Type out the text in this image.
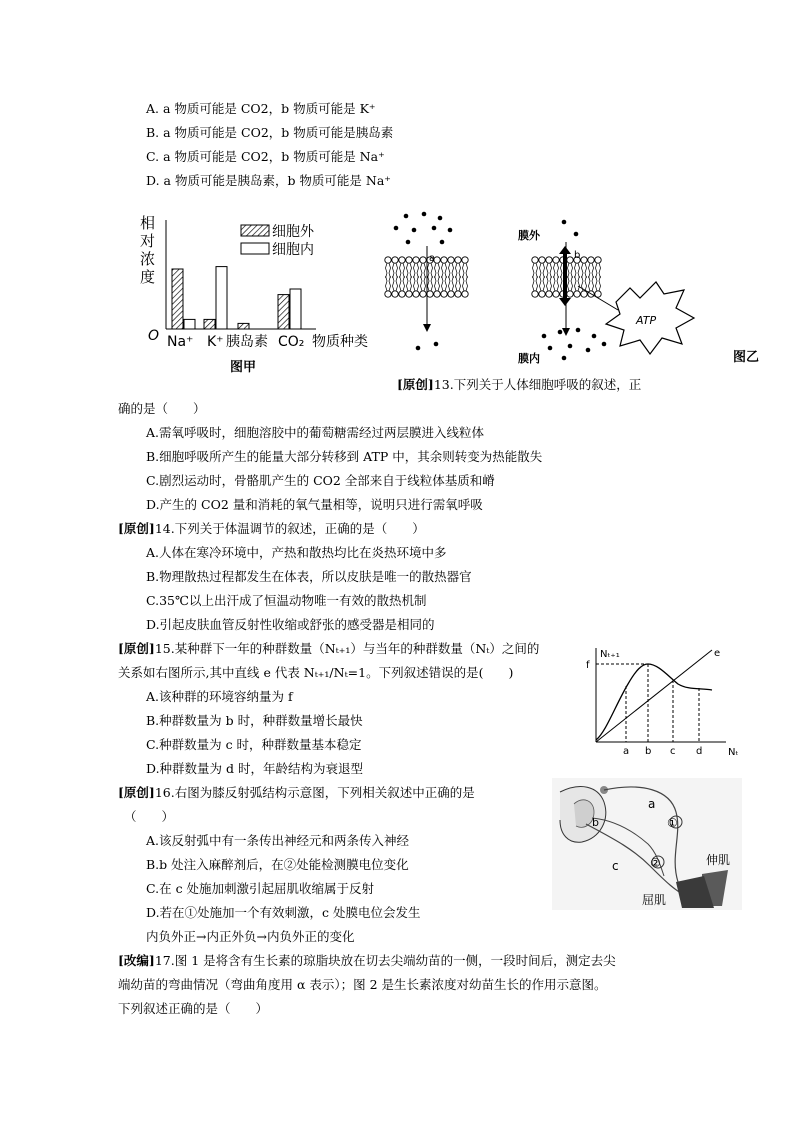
A. a 物质可能是 CO2，b 物质可能是 K⁺
B. a 物质可能是 CO2，b 物质可能是胰岛素
C. a 物质可能是 CO2，b 物质可能是 Na⁺
D. a 物质可能是胰岛素，b 物质可能是 Na⁺
相
对
浓
度
O
细胞外
细胞内
Na⁺ K⁺ 胰岛素 CO₂ 物质种类
图甲
a	b
膜外
膜内
ATP
图乙
[原创]13.下列关于人体细胞呼吸的叙述，正
确的是（　　）
A.需氧呼吸时，细胞溶胶中的葡萄糖需经过两层膜进入线粒体
B.细胞呼吸所产生的能量大部分转移到 ATP 中，其余则转变为热能散失
C.剧烈运动时，骨骼肌产生的 CO2 全部来自于线粒体基质和嵴
D.产生的 CO2 量和消耗的氧气量相等，说明只进行需氧呼吸
[原创]14.下列关于体温调节的叙述，正确的是（　　）
A.人体在寒冷环境中，产热和散热均比在炎热环境中多
B.物理散热过程都发生在体表，所以皮肤是唯一的散热器官
C.35℃以上出汗成了恒温动物唯一有效的散热机制
D.引起皮肤血管反射性收缩或舒张的感受器是相同的
[原创]15.某种群下一年的种群数量（Nₜ₊₁）与当年的种群数量（Nₜ）之间的
关系如右图所示,其中直线 e 代表 Nₜ₊₁/Nₜ=1。下列叙述错误的是(　　)
A.该种群的环境容纳量为 f
B.种群数量为 b 时，种群数量增长最快
C.种群数量为 c 时，种群数量基本稳定
D.种群数量为 d 时，年龄结构为衰退型
Nₜ₊₁
Nₜ
f
e
a b c d
[原创]16.右图为膝反射弧结构示意图，下列相关叙述中正确的是
（　　）
A.该反射弧中有一条传出神经元和两条传入神经
B.b 处注入麻醉剂后，在②处能检测膜电位变化
C.在 c 处施加刺激引起屈肌收缩属于反射
D.若在①处施加一个有效刺激，c 处膜电位会发生
内负外正→内正外负→内负外正的变化
①
②
a
b
c	伸肌
屈肌
[改编]17.图 1 是将含有生长素的琼脂块放在切去尖端幼苗的一侧，一段时间后，测定去尖
端幼苗的弯曲情况（弯曲角度用 α 表示）；图 2 是生长素浓度对幼苗生长的作用示意图。
下列叙述正确的是（　　）
